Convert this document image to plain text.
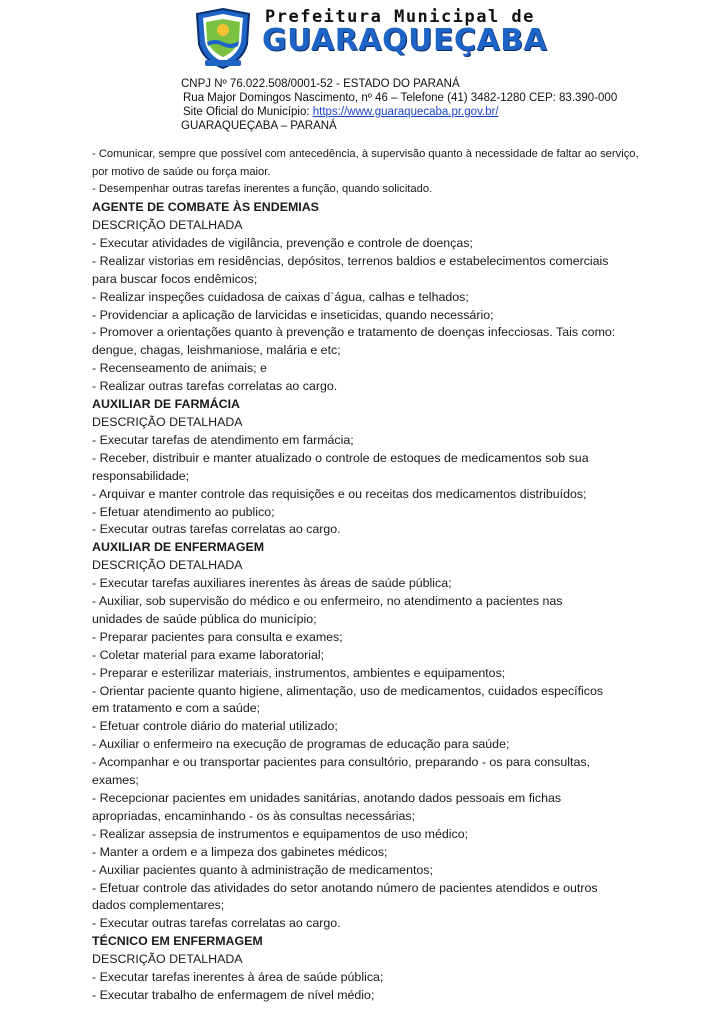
Prefeitura Municipal de
GUARAQUEÇABA
CNPJ Nº 76.022.508/0001-52 - ESTADO DO PARANÁ
Rua Major Domingos Nascimento, nº 46 – Telefone (41) 3482-1280 CEP: 83.390-000
Site Oficial do Município: https://www.guaraquecaba.pr.gov.br/
GUARAQUEÇABA – PARANÁ
- Comunicar, sempre que possível com antecedência, à supervisão quanto à necessidade de faltar ao serviço,
por motivo de saúde ou força maior.
- Desempenhar outras tarefas inerentes a função, quando solicitado.
AGENTE DE COMBATE ÀS ENDEMIAS
DESCRIÇÃO DETALHADA
- Executar atividades de vigilância, prevenção e controle de doenças;
- Realizar vistorias em residências, depósitos, terrenos baldios e estabelecimentos comerciais
para buscar focos endêmicos;
- Realizar inspeções cuidadosa de caixas d`água, calhas e telhados;
- Providenciar a aplicação de larvicidas e inseticidas, quando necessário;
- Promover a orientações quanto à prevenção e tratamento de doenças infecciosas. Tais como:
dengue, chagas, leishmaniose, malária e etc;
- Recenseamento de animais; e
- Realizar outras tarefas correlatas ao cargo.
AUXILIAR DE FARMÁCIA
DESCRIÇÃO DETALHADA
- Executar tarefas de atendimento em farmácia;
- Receber, distribuir e manter atualizado o controle de estoques de medicamentos sob sua
responsabilidade;
- Arquivar e manter controle das requisições e ou receitas dos medicamentos distribuídos;
- Efetuar atendimento ao publico;
- Executar outras tarefas correlatas ao cargo.
AUXILIAR DE ENFERMAGEM
DESCRIÇÃO DETALHADA
- Executar tarefas auxiliares inerentes às áreas de saúde pública;
- Auxiliar, sob supervisão do médico e ou enfermeiro, no atendimento a pacientes nas
unidades de saúde pública do município;
- Preparar pacientes para consulta e exames;
- Coletar material para exame laboratorial;
- Preparar e esterilizar materiais, instrumentos, ambientes e equipamentos;
- Orientar paciente quanto higiene, alimentação, uso de medicamentos, cuidados específicos
em tratamento e com a saúde;
- Efetuar controle diário do material utilizado;
- Auxiliar o enfermeiro na execução de programas de educação para saúde;
- Acompanhar e ou transportar pacientes para consultório, preparando - os para consultas,
exames;
- Recepcionar pacientes em unidades sanitárias, anotando dados pessoais em fichas
apropriadas, encaminhando - os às consultas necessárias;
- Realizar assepsia de instrumentos e equipamentos de uso médico;
- Manter a ordem e a limpeza dos gabinetes médicos;
- Auxiliar pacientes quanto à administração de medicamentos;
- Efetuar controle das atividades do setor anotando número de pacientes atendidos e outros
dados complementares;
- Executar outras tarefas correlatas ao cargo.
TÉCNICO EM ENFERMAGEM
DESCRIÇÃO DETALHADA
- Executar tarefas inerentes à área de saúde pública;
- Executar trabalho de enfermagem de nível médio;
